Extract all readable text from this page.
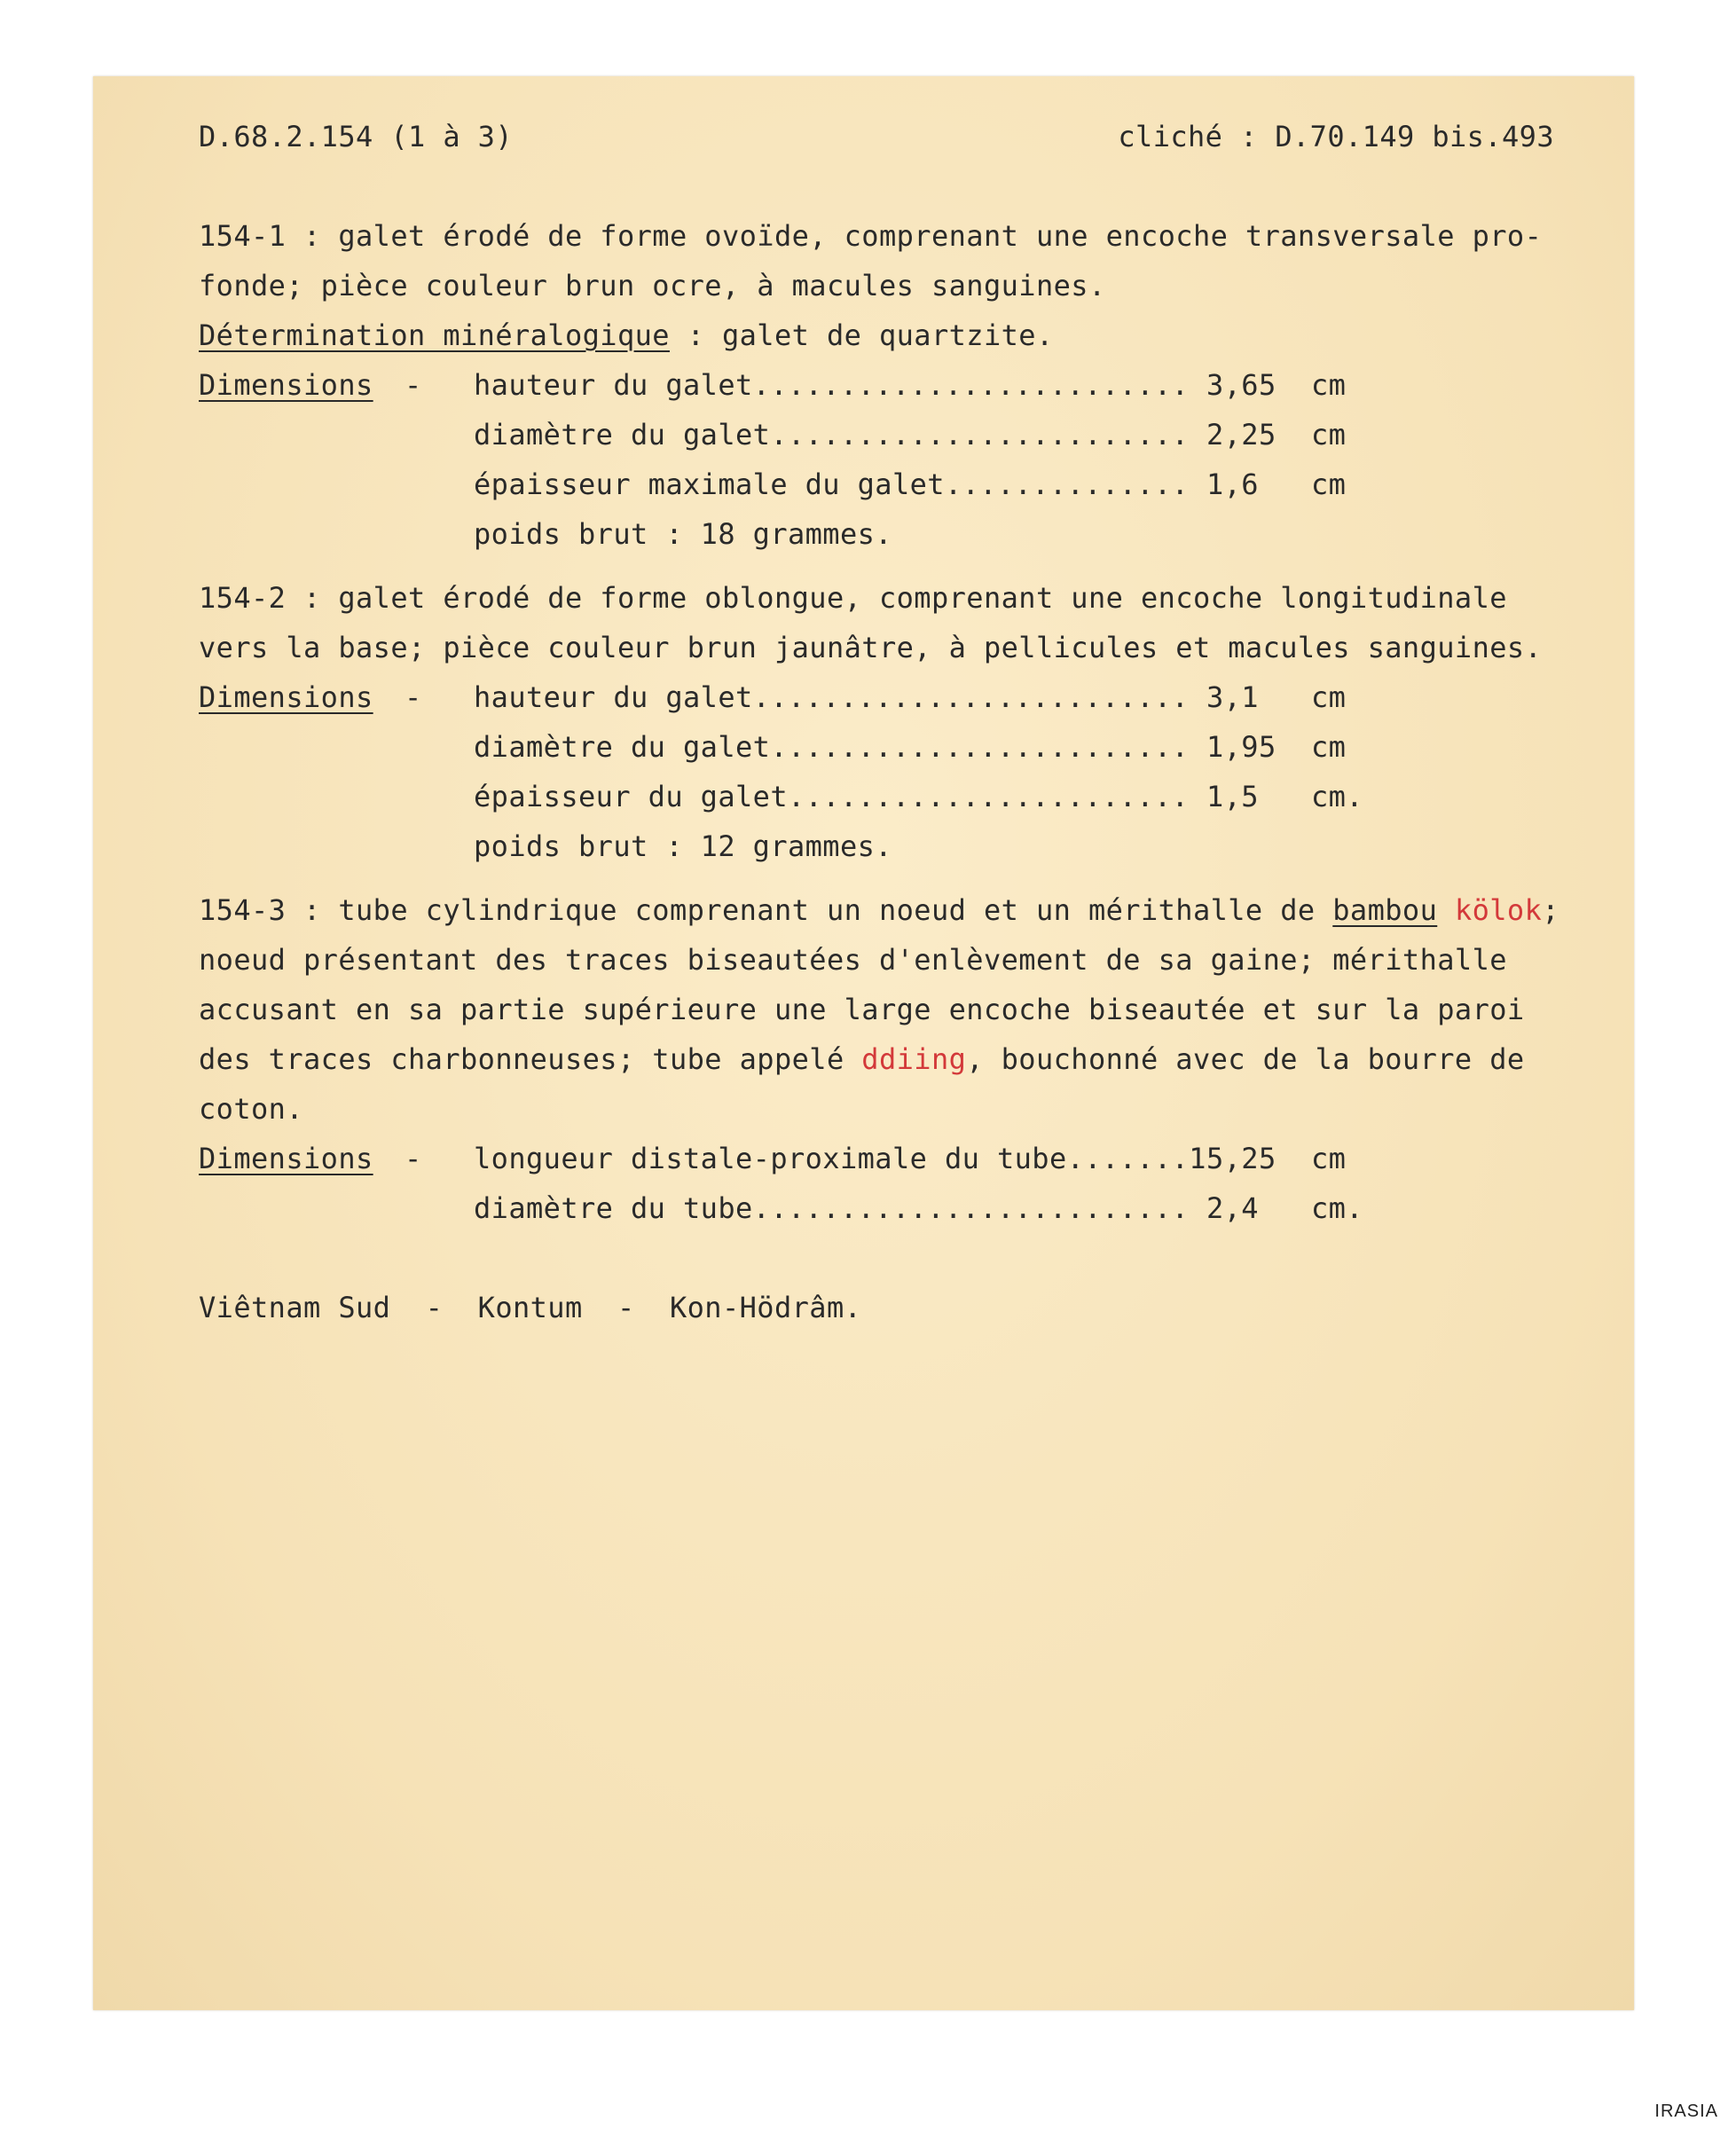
D.68.2.154 (1 à 3)	cliché : D.70.149 bis.493
154-1 : galet érodé de forme ovoïde, comprenant une encoche transversale pro-
fonde; pièce couleur brun ocre, à macules sanguines.
Détermination minéralogique : galet de quartzite.
Dimensions	-	hauteur du galet......................... 3,65  cm
diamètre du galet........................ 2,25  cm
épaisseur maximale du galet.............. 1,6   cm
poids brut : 18 grammes.
154-2 : galet érodé de forme oblongue, comprenant une encoche longitudinale
vers la base; pièce couleur brun jaunâtre, à pellicules et macules sanguines.
Dimensions	-	hauteur du galet......................... 3,1   cm
diamètre du galet........................ 1,95  cm
épaisseur du galet....................... 1,5   cm.
poids brut : 12 grammes.
154-3 : tube cylindrique comprenant un noeud et un mérithalle de bambou kölok;
noeud présentant des traces biseautées d'enlèvement de sa gaine; mérithalle
accusant en sa partie supérieure une large encoche biseautée et sur la paroi
des traces charbonneuses; tube appelé ddiing, bouchonné avec de la bourre de
coton.
Dimensions	-	longueur distale-proximale du tube.......15,25  cm
diamètre du tube......................... 2,4   cm.
Viêtnam Sud  -  Kontum  -  Kon-Hödrâm.
IRASIA
